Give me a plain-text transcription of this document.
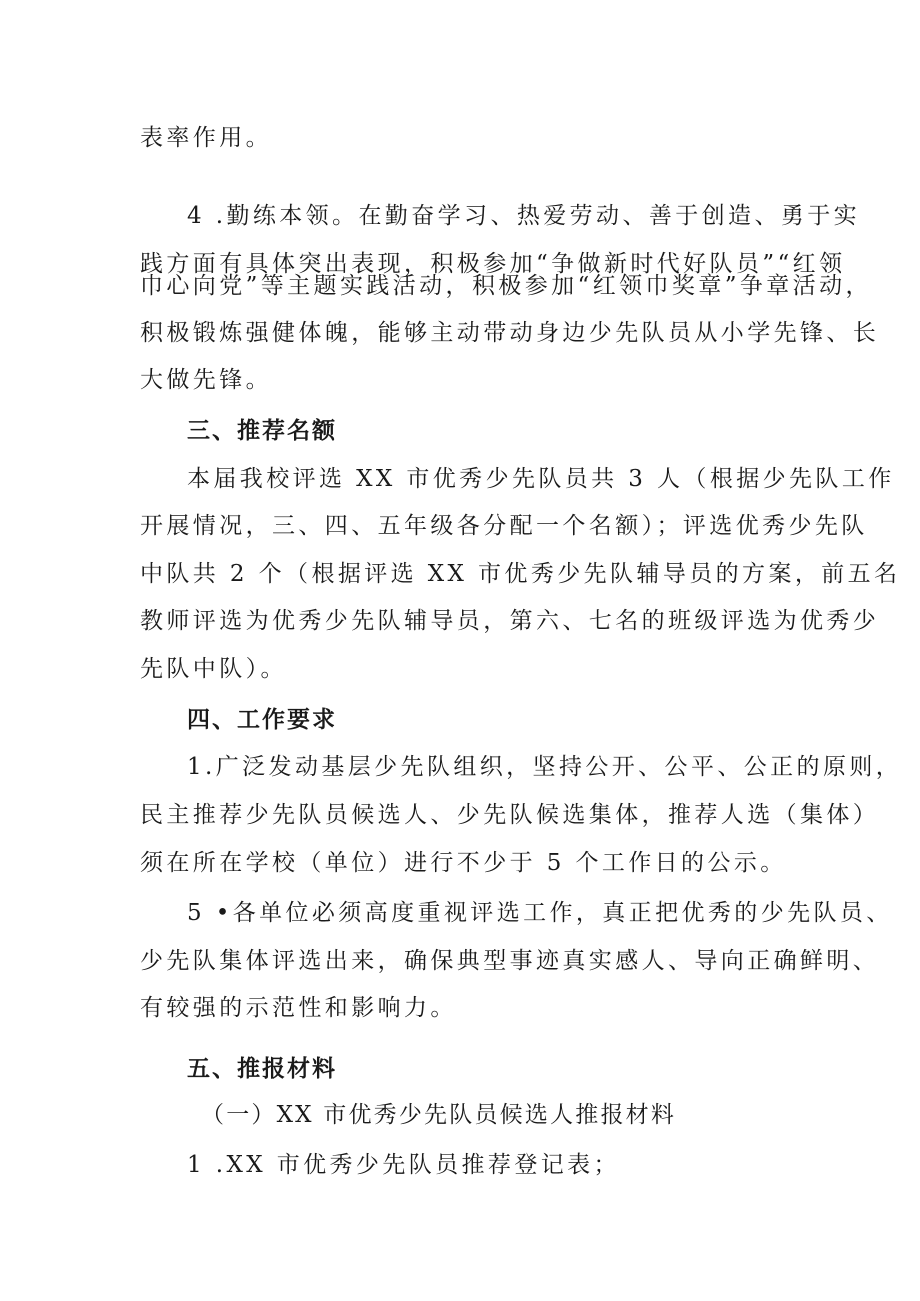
表率作用。
4 .勤练本领。在勤奋学习、热爱劳动、善于创造、勇于实
践方面有具体突出表现，积极参加“争做新时代好队员”“红领
巾心向党”等主题实践活动，积极参加“红领巾奖章”争章活动，
积极锻炼强健体魄，能够主动带动身边少先队员从小学先锋、长
大做先锋。
三、推荐名额
本届我校评选 XX 市优秀少先队员共 3 人（根据少先队工作
开展情况，三、四、五年级各分配一个名额）；评选优秀少先队
中队共 2 个（根据评选 XX 市优秀少先队辅导员的方案，前五名
教师评选为优秀少先队辅导员，第六、七名的班级评选为优秀少
先队中队）。
四、工作要求
1.广泛发动基层少先队组织，坚持公开、公平、公正的原则，
民主推荐少先队员候选人、少先队候选集体，推荐人选（集体）
须在所在学校（单位）进行不少于 5 个工作日的公示。
5 •各单位必须高度重视评选工作，真正把优秀的少先队员、
少先队集体评选出来，确保典型事迹真实感人、导向正确鲜明、
有较强的示范性和影响力。
五、推报材料
（一）XX 市优秀少先队员候选人推报材料
1 .XX 市优秀少先队员推荐登记表；
